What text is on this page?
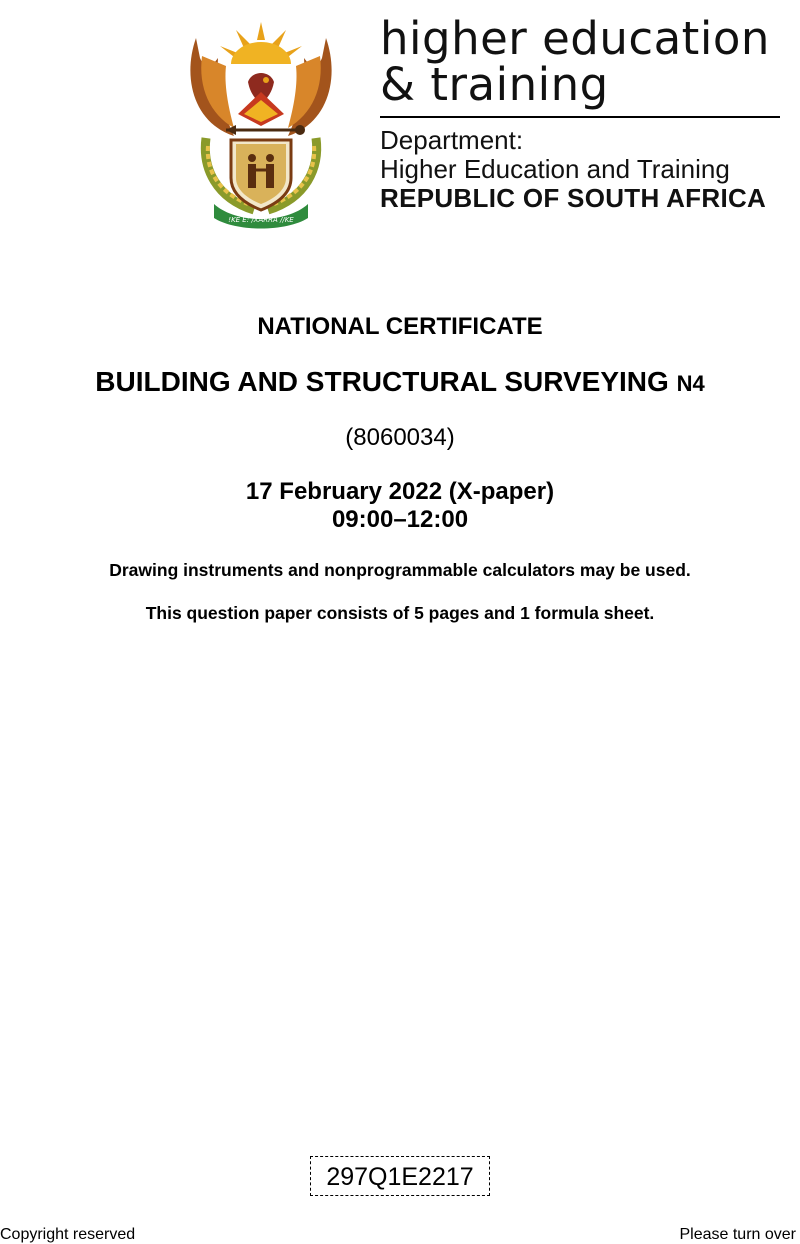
!KE E: /XARRA //KE
higher education
& training
Department:
Higher Education and Training
REPUBLIC OF SOUTH AFRICA
NATIONAL CERTIFICATE
BUILDING AND STRUCTURAL SURVEYING N4
(8060034)
17 February 2022 (X-paper)
09:00–12:00
Drawing instruments and nonprogrammable calculators may be used.
This question paper consists of 5 pages and 1 formula sheet.
297Q1E2217
Copyright reserved	Please turn over
